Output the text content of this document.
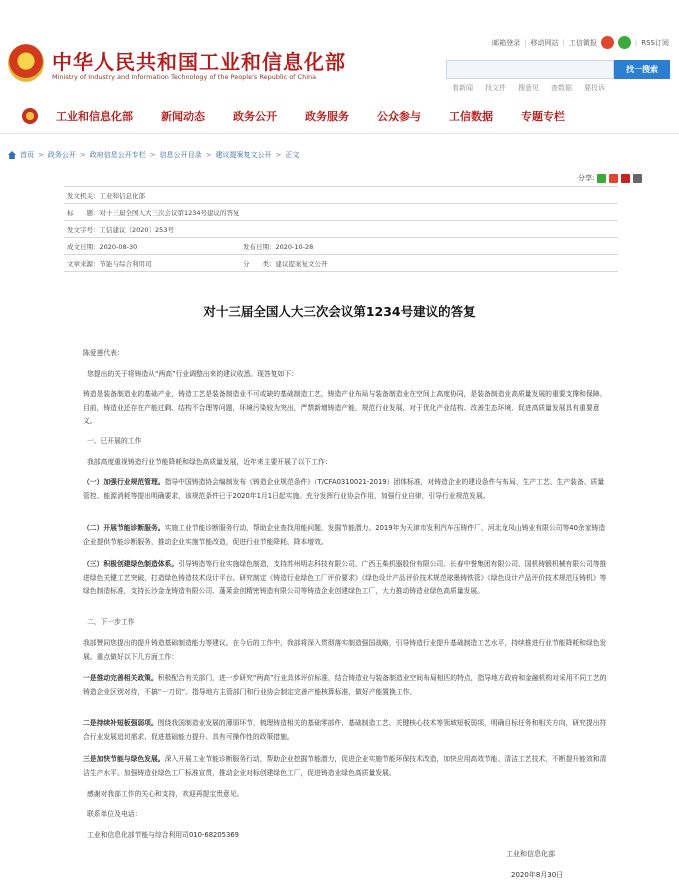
邮箱登录 | 移动网站 | 工信微报	| RSS订阅
中华人民共和国工业和信息化部
Ministry of Industry and Information Technology of the People's Republic of China
找一搜索
看新闻 找文件 搜意见 查数据 要投诉
工业和信息化部	新闻动态	政务公开	政务服务	公众参与	工信数据	专题专栏
首页 > 政务公开 > 政府信息公开专栏 > 信息公开目录 > 建议提案复文公开 > 正文
分享:
发文机关：工业和信息化部	
标　　题：对十三届全国人大三次会议第1234号建议的答复	
发文字号：工信建议〔2020〕253号	
成文日期：2020-08-30	发布日期：2020-10-28
文章来源：节能与综合利用司	分　　类：建议提案复文公开
对十三届全国人大三次会议第1234号建议的答复

陈爱莲代表：

您提出的关于将铸造从“两高”行业调整出来的建议收悉。现答复如下：

铸造是装备制造业的基础产业，铸造工艺是装备制造业不可或缺的基础制造工艺，铸造产业布局与装备制造业在空间上高度协同，是装备制造业高质量发展的重要支撑和保障。目前，铸造业还存在产能过剩、结构不合理等问题，环境污染较为突出，严禁新增铸造产能，规范行业发展，对于优化产业结构、改善生态环境、促进高质量发展具有重要意义。

一、已开展的工作

我部高度重视铸造行业节能降耗和绿色高质量发展，近年来主要开展了以下工作：

（一）加强行业规范管理。指导中国铸造协会编制发布《铸造企业规范条件》（T/CFA0310021-2019）团体标准，对铸造企业的建设条件与布局、生产工艺、生产装备、质量管控、能源消耗等提出明确要求，该规范条件已于2020年1月1日起实施。充分发挥行业协会作用，加强行业自律，引导行业规范发展。

（二）开展节能诊断服务。实施工业节能诊断服务行动，帮助企业查找用能问题，发掘节能潜力。2019年为天津市发利汽车压铸件厂、河北龙凤山铸业有限公司等40余家铸造企业提供节能诊断服务，推动企业实施节能改造，促进行业节能降耗、降本增效。

（三）积极创建绿色制造体系。引导铸造等行业实施绿色制造，支持苏州明志科技有限公司、广西玉柴机器股份有限公司、长春中誉集团有限公司、国机铸锻机械有限公司等推进绿色关键工艺突破，打造绿色铸造技术设计平台。研究制定《铸造行业绿色工厂评价要求》《绿色设计产品评价技术规范球墨铸铁管》《绿色设计产品评价技术规范压铸机》等绿色制造标准，支持长沙金龙铸造有限公司、蓬莱金创精密铸造有限公司等铸造企业创建绿色工厂，大力推动铸造业绿色高质量发展。

二、下一步工作

我部赞同您提出的提升铸造基础制造能力等建议。在今后的工作中，我部将深入贯彻落实制造强国战略，引导铸造行业提升基础制造工艺水平，持续推进行业节能降耗和绿色发展。重点做好以下几方面工作：

一是推动完善相关政策。积极配合有关部门，进一步研究“两高”行业具体评价标准，结合铸造业与装备制造业空间布局相匹的特点，指导地方政府和金融机构对采用不同工艺的铸造企业区别对待，不搞“一刀切”。指导地方主管部门和行业协会制定完善产能核算标准，做好产能置换工作。

二是持续补短板强弱项。围绕我国制造业发展的薄弱环节，梳理铸造相关的基础零部件、基础制造工艺、关键核心技术等领域短板弱项，明确目标任务和相关方向，研究提出符合行业发展追切需求、促进基础能力提升、具有可操作性的政策措施。

三是加快节能与绿色发展。深入开展工业节能诊断服务行动，帮助企业挖掘节能潜力，促进企业实施节能环保技术改造，加快应用高效节能、清洁工艺技术，不断提升能效和清洁生产水平。加强铸造业绿色工厂标准宣贯，推动企业对标创建绿色工厂，促进铸造业绿色高质量发展。

感谢对我部工作的关心和支持，欢迎再提宝贵意见。

联系单位及电话：

工业和信息化部节能与综合利用司010-68205369

工业和信息化部
2020年8月30日
